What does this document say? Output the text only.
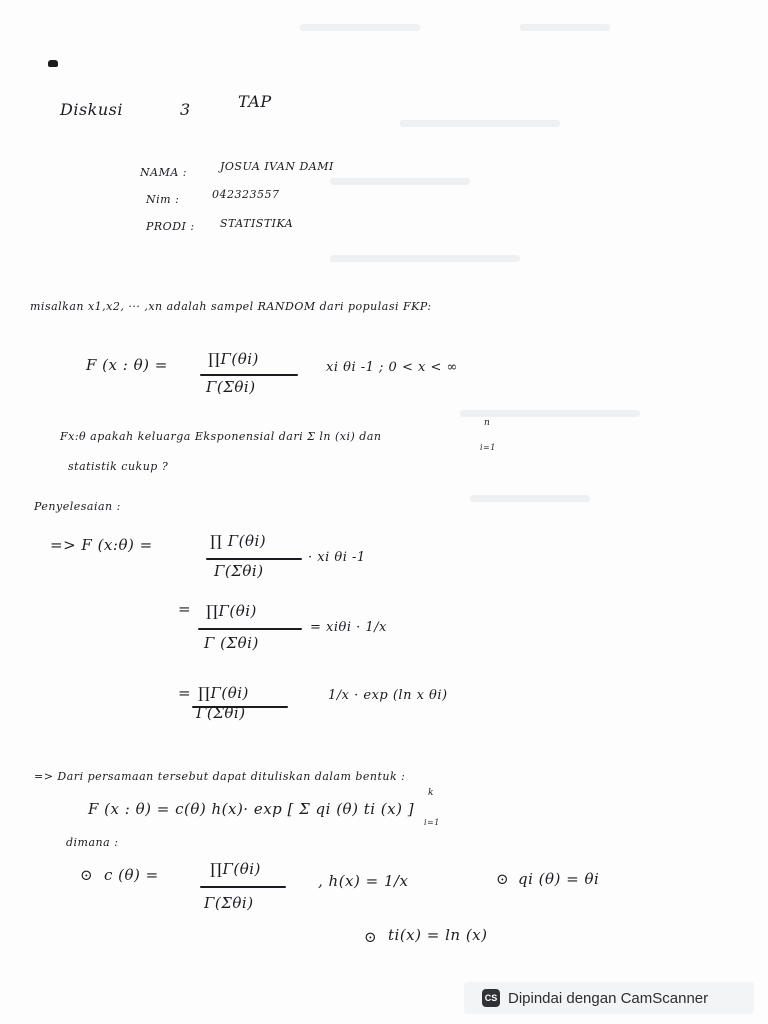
Diskusi	3	TAP
NAMA :	JOSUA IVAN DAMI
Nim :	042323557
PRODI : STATISTIKA
misalkan x1,x2, ··· ,xn adalah sampel RANDOM dari populasi FKP:
F (x : θ) =	∏Γ(θi)
Γ(Σθi)
xi θi -1 ; 0 < x < ∞
Fx:θ apakah keluarga Eksponensial dari Σ ln (xi) dan
n
i=1
statistik cukup ?
Penyelesaian :
=> F (x:θ) =	∏ Γ(θi)
Γ(Σθi)
· xi θi -1
= ∏Γ(θi)
Γ (Σθi)
= xiθi · 1/x
= ∏Γ(θi)
Γ(Σθi)
1/x · exp (ln x θi)
=> Dari persamaan tersebut dapat dituliskan dalam bentuk :
F (x : θ) = c(θ) h(x)· exp [ Σ qi (θ) ti (x) ]
k
i=1
dimana :
⊙ c (θ) =	∏Γ(θi)
Γ(Σθi)
, h(x) = 1/x	⊙ qi (θ) = θi
⊙ ti(x) = ln (x)
CS Dipindai dengan CamScanner
